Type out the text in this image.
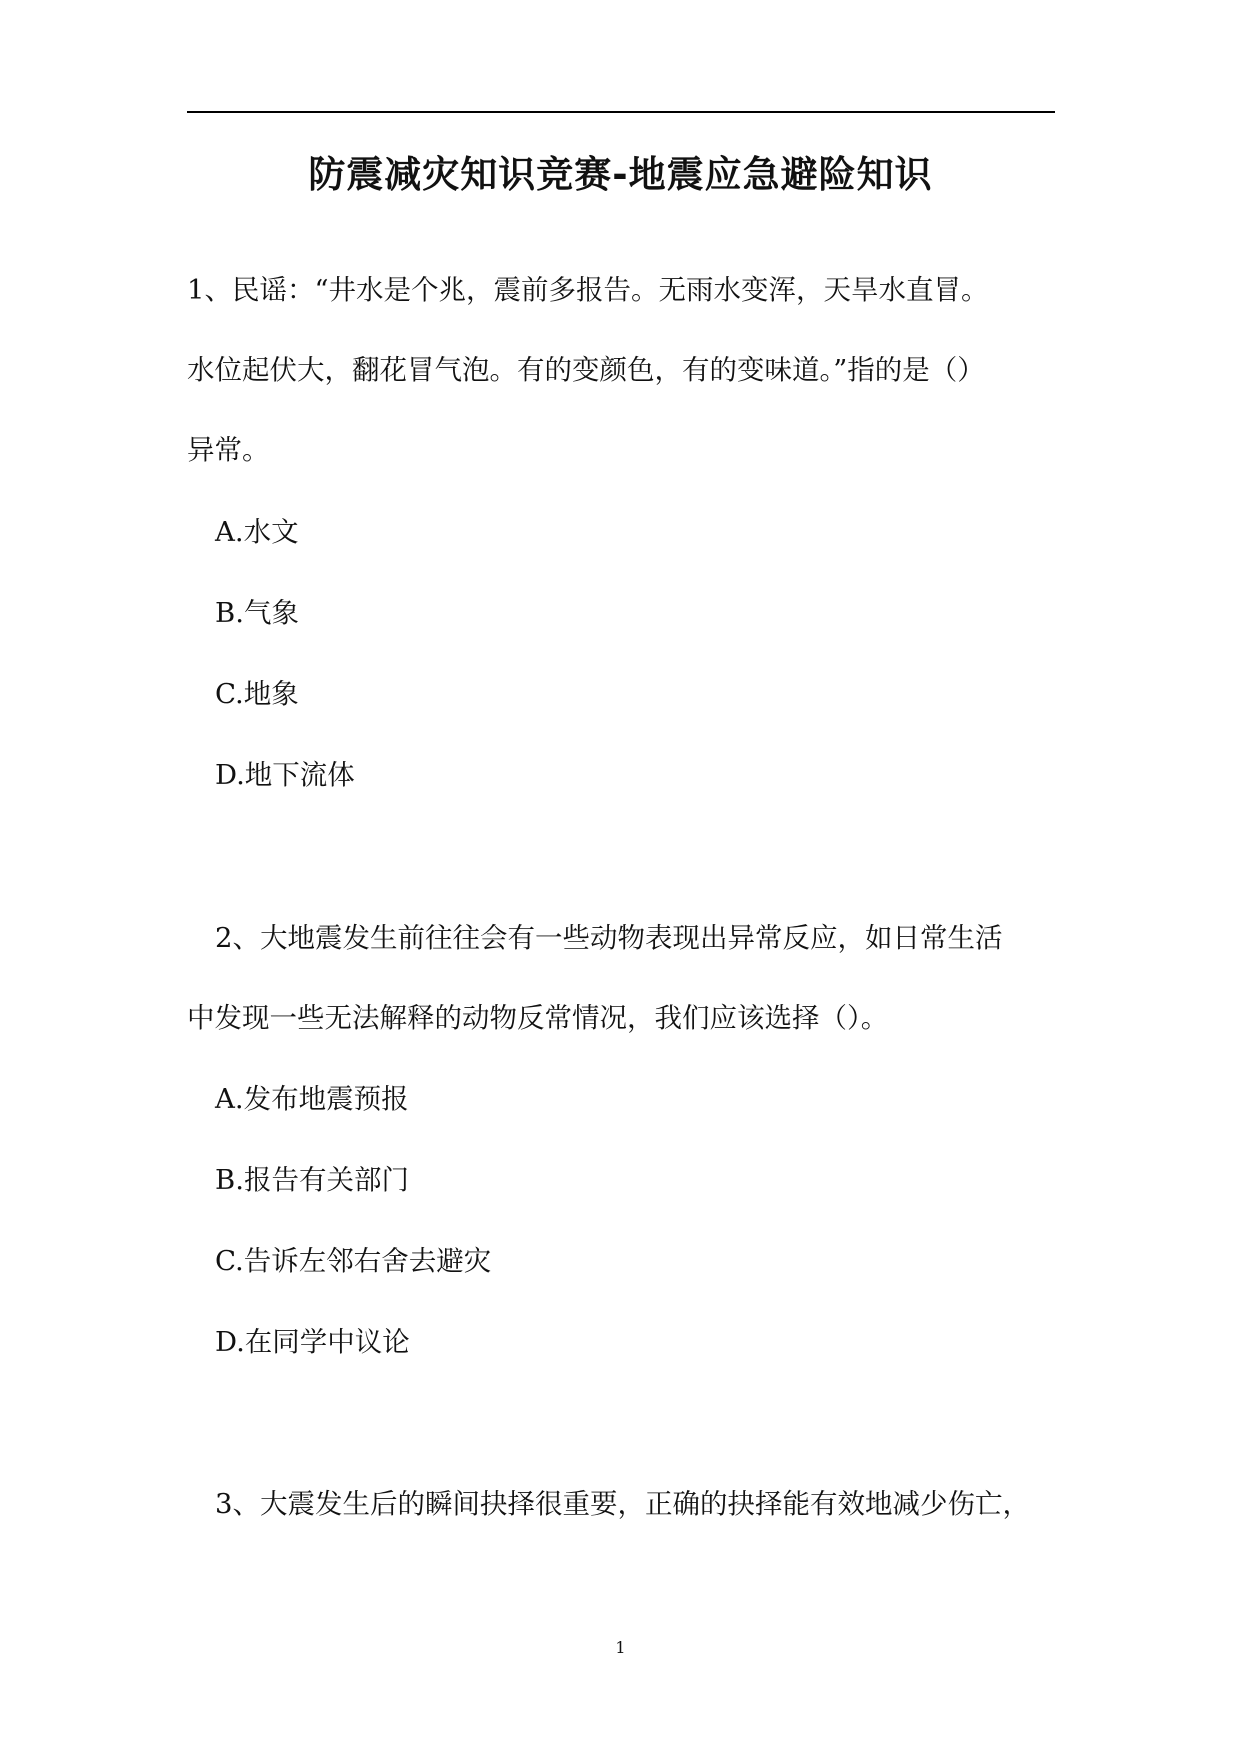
防震减灾知识竞赛-地震应急避险知识

1、民谣：“井水是个兆，震前多报告。无雨水变浑，天旱水直冒。

水位起伏大，翻花冒气泡。有的变颜色，有的变味道。”指的是（）

异常。

A.水文

B.气象

C.地象

D.地下流体

2、大地震发生前往往会有一些动物表现出异常反应，如日常生活

中发现一些无法解释的动物反常情况，我们应该选择（）。

A.发布地震预报

B.报告有关部门

C.告诉左邻右舍去避灾

D.在同学中议论

3、大震发生后的瞬间抉择很重要，正确的抉择能有效地减少伤亡，

1
